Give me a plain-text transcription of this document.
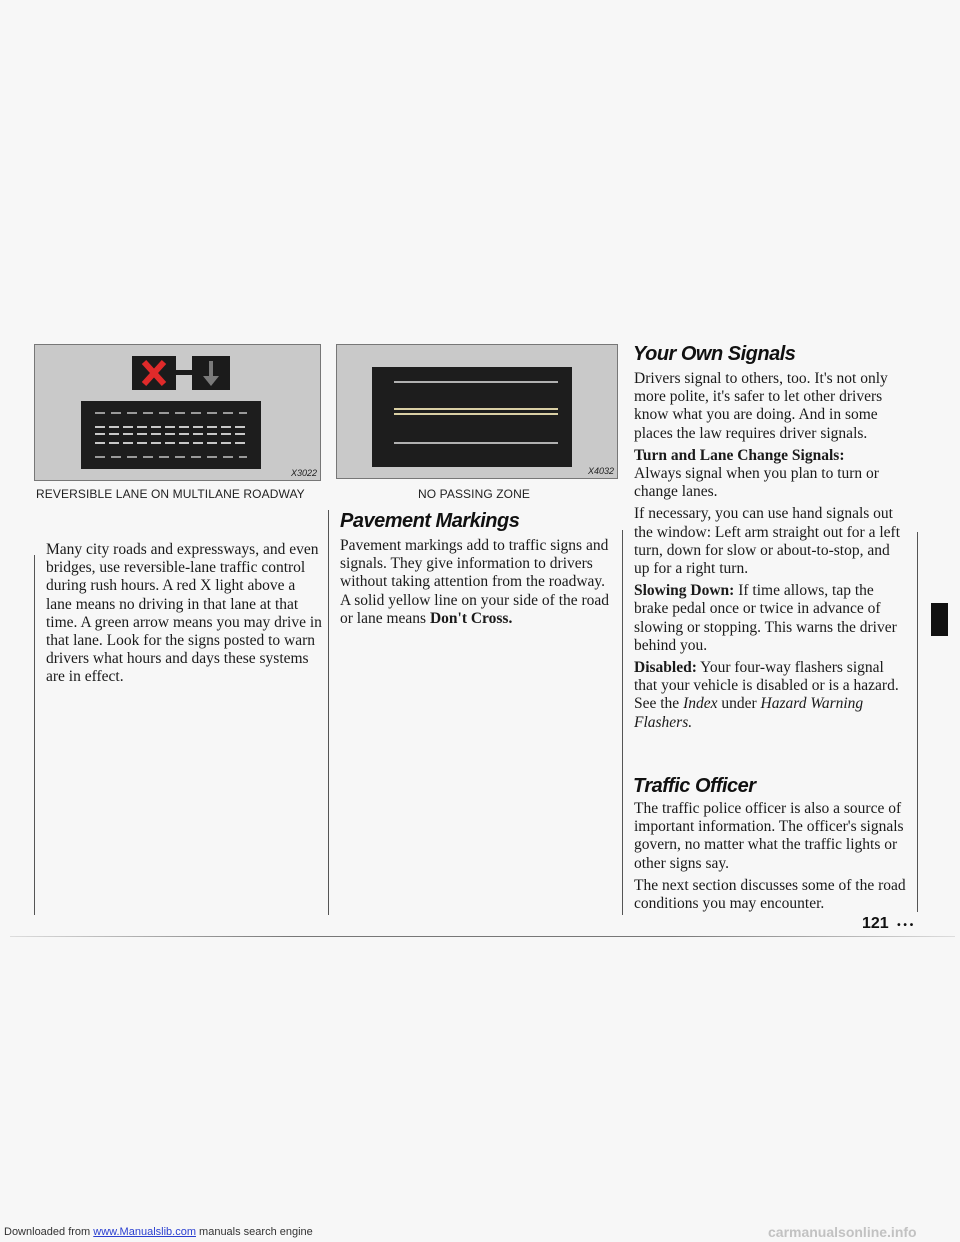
Downloaded from www.Manualslib.com manuals search engine
X3022
REVERSIBLE LANE ON MULTILANE ROADWAY
X4032
NO PASSING ZONE

Many city roads and expressways, and even bridges, use reversible-lane traffic control during rush hours. A red X light above a lane means no driving in that lane at that time. A green arrow means you may drive in that lane. Look for the signs posted to warn drivers what hours and days these systems are in effect.

Pavement Markings

Pavement markings add to traffic signs and signals. They give information to drivers without taking attention from the roadway. A solid yellow line on your side of the road or lane means Don't Cross.

Your Own Signals

Drivers signal to others, too. It's not only more polite, it's safer to let other drivers know what you are doing. And in some places the law requires driver signals.

Turn and Lane Change Signals:
Always signal when you plan to turn or change lanes.

If necessary, you can use hand signals out the window: Left arm straight out for a left turn, down for slow or about-to-stop, and up for a right turn.

Slowing Down: If time allows, tap the brake pedal once or twice in advance of slowing or stopping. This warns the driver behind you.

Disabled: Your four-way flashers signal that your vehicle is disabled or is a hazard. See the Index under Hazard Warning Flashers.

Traffic Officer

The traffic police officer is also a source of important information. The officer's signals govern, no matter what the traffic lights or other signs say.

The next section discusses some of the road conditions you may encounter.

121 • • •
carmanualsonline.info
